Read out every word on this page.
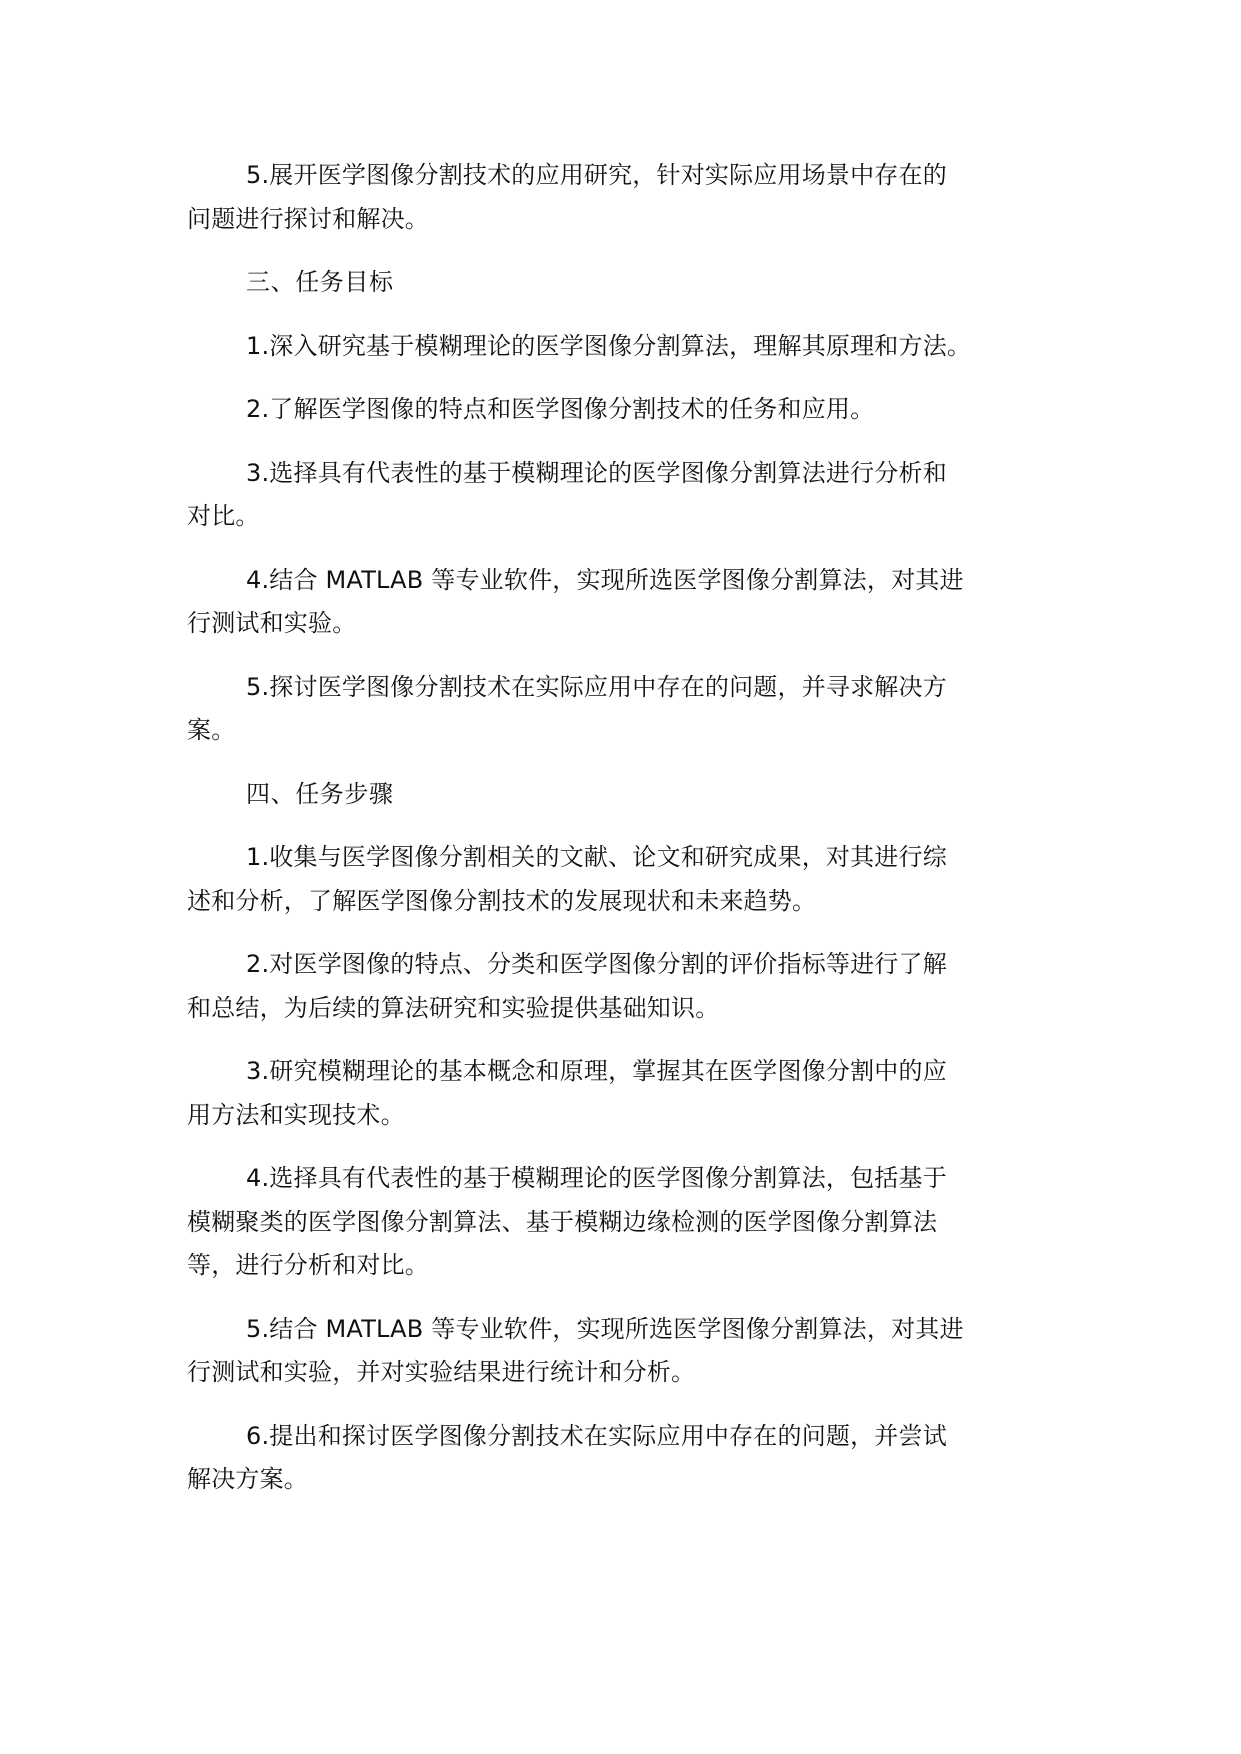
5.展开医学图像分割技术的应用研究，针对实际应用场景中存在的
问题进行探讨和解决。
三、任务目标
1.深入研究基于模糊理论的医学图像分割算法，理解其原理和方法。
2.了解医学图像的特点和医学图像分割技术的任务和应用。
3.选择具有代表性的基于模糊理论的医学图像分割算法进行分析和
对比。
4.结合 MATLAB 等专业软件，实现所选医学图像分割算法，对其进
行测试和实验。
5.探讨医学图像分割技术在实际应用中存在的问题，并寻求解决方
案。
四、任务步骤
1.收集与医学图像分割相关的文献、论文和研究成果，对其进行综
述和分析，了解医学图像分割技术的发展现状和未来趋势。
2.对医学图像的特点、分类和医学图像分割的评价指标等进行了解
和总结，为后续的算法研究和实验提供基础知识。
3.研究模糊理论的基本概念和原理，掌握其在医学图像分割中的应
用方法和实现技术。
4.选择具有代表性的基于模糊理论的医学图像分割算法，包括基于
模糊聚类的医学图像分割算法、基于模糊边缘检测的医学图像分割算法
等，进行分析和对比。
5.结合 MATLAB 等专业软件，实现所选医学图像分割算法，对其进
行测试和实验，并对实验结果进行统计和分析。
6.提出和探讨医学图像分割技术在实际应用中存在的问题，并尝试
解决方案。
